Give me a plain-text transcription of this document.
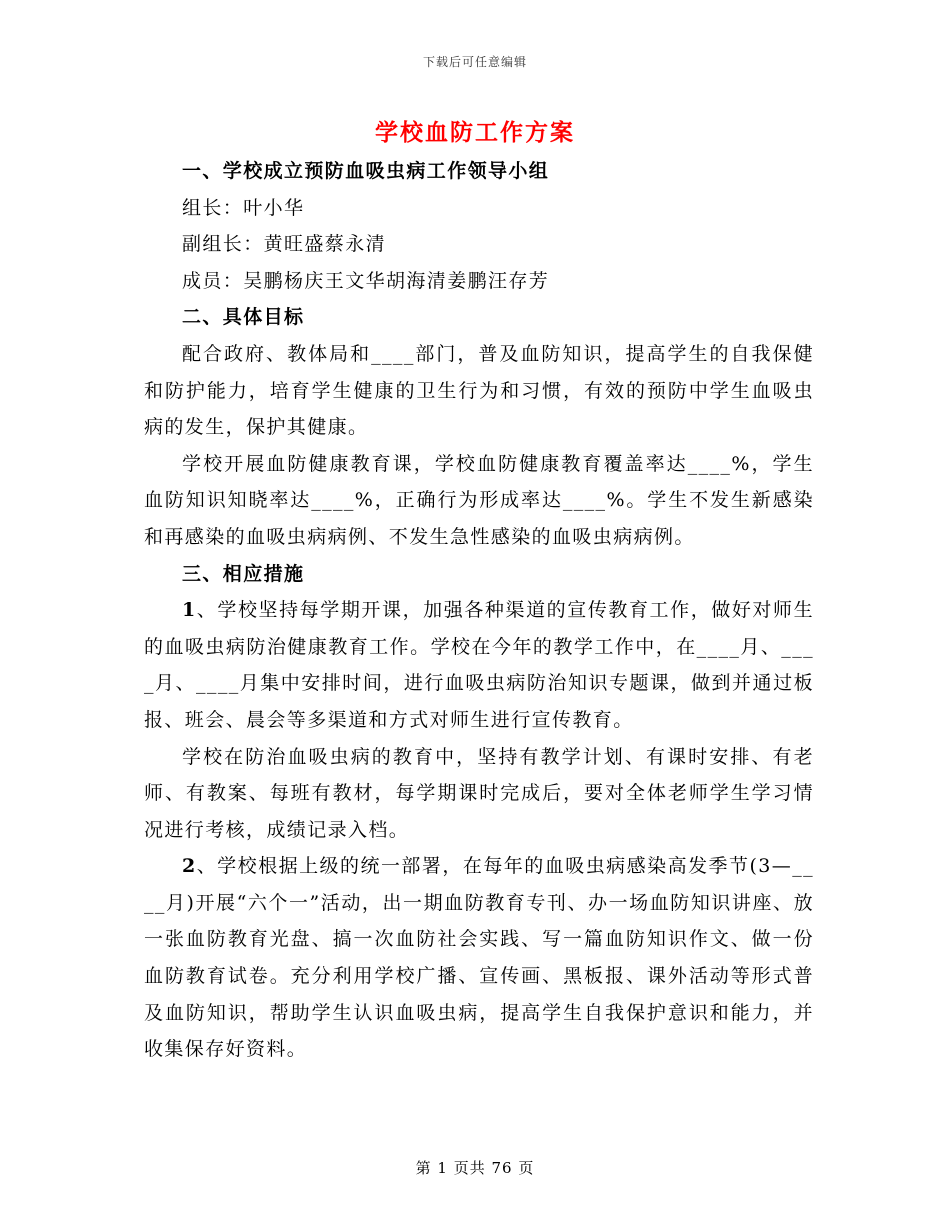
下载后可任意编辑
学校血防工作方案

一、学校成立预防血吸虫病工作领导小组

组长：叶小华

副组长：黄旺盛蔡永清

成员：吴鹏杨庆王文华胡海清姜鹏汪存芳

二、具体目标

配合政府、教体局和____部门，普及血防知识，提高学生的自我保健和防护能力，培育学生健康的卫生行为和习惯，有效的预防中学生血吸虫病的发生，保护其健康。

学校开展血防健康教育课，学校血防健康教育覆盖率达____%，学生血防知识知晓率达____%，正确行为形成率达____%。学生不发生新感染和再感染的血吸虫病病例、不发生急性感染的血吸虫病病例。

三、相应措施

1、学校坚持每学期开课，加强各种渠道的宣传教育工作，做好对师生的血吸虫病防治健康教育工作。学校在今年的教学工作中，在____月、____月、____月集中安排时间，进行血吸虫病防治知识专题课，做到并通过板报、班会、晨会等多渠道和方式对师生进行宣传教育。

学校在防治血吸虫病的教育中，坚持有教学计划、有课时安排、有老师、有教案、每班有教材，每学期课时完成后，要对全体老师学生学习情况进行考核，成绩记录入档。

2、学校根据上级的统一部署，在每年的血吸虫病感染高发季节(3—____月)开展“六个一”活动，出一期血防教育专刊、办一场血防知识讲座、放一张血防教育光盘、搞一次血防社会实践、写一篇血防知识作文、做一份血防教育试卷。充分利用学校广播、宣传画、黑板报、课外活动等形式普及血防知识，帮助学生认识血吸虫病，提高学生自我保护意识和能力，并收集保存好资料。

第 1 页共 76 页
